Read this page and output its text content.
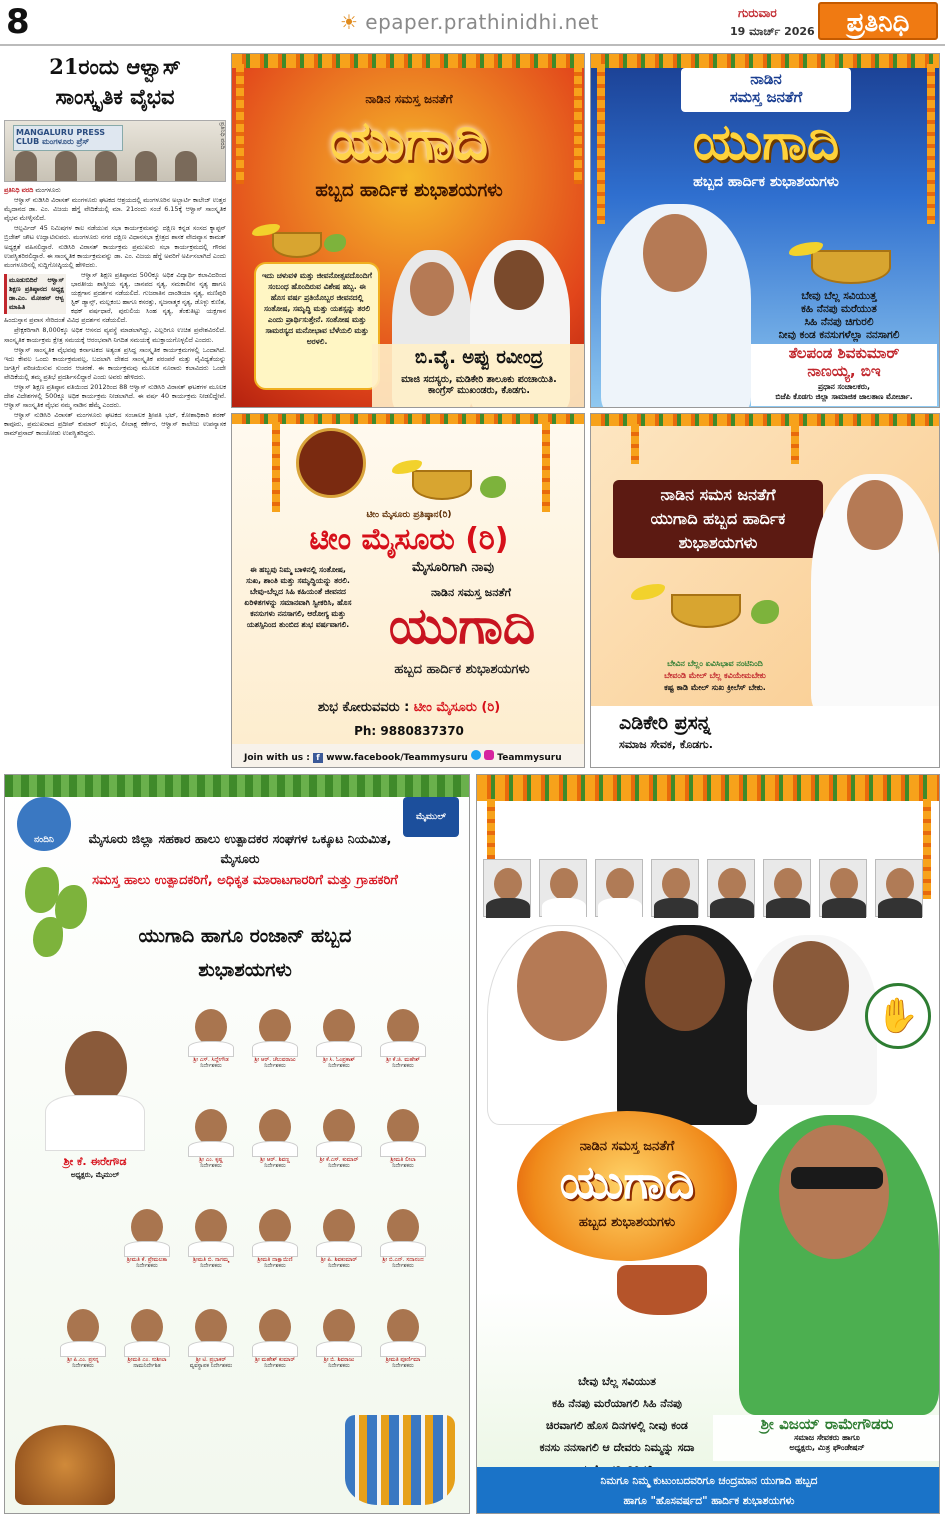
8	☀ epaper.prathinidhi.net	ಗುರುವಾರ
19 ಮಾರ್ಚ್ 2026	ಪ್ರತಿನಿಧಿ
21ರಂದು ಆಳ್ವಾಸ್
ಸಾಂಸ್ಕೃತಿಕ ವೈಭವ
MANGALURU PRESS CLUB ಮಂಗಳೂರು ಪ್ರೆಸ್	ಪ್ರತಿನಿಧಿ ವರದಿ

ಪ್ರತಿನಿಧಿ ವರದಿ ಮಂಗಳೂರು

ಆಳ್ವಾಸ್ ನುಡಿಸಿರಿ ವಿರಾಸತ್ ಮಂಗಳೂರು ಘಟಕದ ಆಶ್ರಯದಲ್ಲಿ ಮಂಗಳೂರಿನ ಅಲ್ಬಾರ್ಟಿ ಕಾಲೇಜ್ ಉತ್ತರ ಮೈದಾನದ ಡಾ. ಎಂ. ವಿಜಯ ಹೆಗ್ಡೆ ವೇದಿಕೆಯಲ್ಲಿ ಮಾ. 21ರಂದು ಸಂಜೆ 6.15ಕ್ಕೆ ಆಳ್ವಾಸ್ ಸಾಂಸ್ಕೃತಿಕ ವೈಭವ ಮೇಳೈಸಲಿದೆ.

ಆಲ್ಪರ್ವಿದ್ 45 ನಿಮಿಷಗಳ ಕಾಲ ನಡೆಯುವ ಸಭಾ ಕಾರ್ಯಕ್ರಮವನ್ನು ದಕ್ಷಿಣ ಕನ್ನಡ ಸಂಸದ ಕ್ಯಾಪ್ಟನ್ ಬ್ರಿಜೇಶ್ ಚೌಟ ಉದ್ಘಾಟಿಸುವರು. ಮಂಗಳೂರು ನಗರ ದಕ್ಷಿಣ ವಿಧಾನಸಭಾ ಕ್ಷೇತ್ರದ ಶಾಸಕ ವೇದವ್ಯಾಸ ಕಾಮತ್ ಅಧ್ಯಕ್ಷತೆ ವಹಿಸಲಿದ್ದಾರೆ. ನುಡಿಸಿರಿ ವಿರಾಸತ್ ಕಾರ್ಯಕ್ರಮ ಪ್ರಮುಖರು ಸಭಾ ಕಾರ್ಯಕ್ರಮದಲ್ಲಿ ಗೌರವ ಉಪಸ್ಥಿತರಿರಲಿದ್ದಾರೆ. ಈ ಸಾಂಸ್ಕೃತಿಕ ಕಾರ್ಯಕ್ರಮವನ್ನು ಡಾ. ಎಂ. ವಿಜಯ ಹೆಗ್ಡೆ ಅವರಿಗೆ ಅರ್ಪಿಸಲಾಗಿದೆ ಎಂದು ಮಂಗಳೂರಿನಲ್ಲಿ ಸುದ್ದಿಗೋಷ್ಠಿಯಲ್ಲಿ ಹೇಳಿದರು.

ಮೂಡುಬಿದಿರೆ ಆಳ್ವಾಸ್ ಶಿಕ್ಷಣ ಪ್ರತಿಷ್ಠಾನದ ಅಧ್ಯಕ್ಷ ಡಾ.ಎಂ. ಮೋಹನ್ ಆಳ್ವ ಮಾಹಿತಿ

ಆಳ್ವಾಸ್ ಶಿಕ್ಷಣ ಪ್ರತಿಷ್ಠಾನದ 500ಕ್ಕೂ ಅಧಿಕ ವಿದ್ಯಾರ್ಥಿ ಕಲಾವಿದರಿಂದ ಭಾರತೀಯ ಶಾಸ್ತ್ರೀಯ ನೃತ್ಯ, ಜಾನಪದ ನೃತ್ಯ, ಸಮಕಾಲೀನ ನೃತ್ಯ ಹಾಗೂ ಯಕ್ಷಗಾನ ಪ್ರದರ್ಶನ ನಡೆಯಲಿದೆ. ಗುಜರಾತಿನ ದಾಂಡಿಯಾ ನೃತ್ಯ, ಮಣಿಪುರಿ ಸ್ಟಿಕ್ ಡ್ಯಾನ್ಸ್, ಮಲ್ಲಕಂಬ ಹಾಗೂ ಕಸರತ್ತು, ಸೃಜನಾತ್ಮಕ ನೃತ್ಯ, ಡೊಳ್ಳು ಕುಣಿತ, ಕಥಕ್ ವರ್ಷಧಾರೆ, ಪುರುಲಿಯ ಸಿಂಹ ನೃತ್ಯ, ತೆಂಕುತಿಟ್ಟು ಯಕ್ಷಗಾನ ಹಿಂದುಸ್ತಾನ ಪ್ರವಾಸ ಸೇರಿದಂತೆ ವಿವಿಧ ಪ್ರದರ್ಶನ ನಡೆಯಲಿದೆ.

ಪ್ರೇಕ್ಷಕರಿಗಾಗಿ 8,000ಕ್ಕೂ ಅಧಿಕ ಆಸನದ ವ್ಯವಸ್ಥೆ ಮಾಡಲಾಗಿದ್ದು, ಎಲ್ಲರಿಗೂ ಉಚಿತ ಪ್ರವೇಶವಿರಲಿದೆ. ಸಾಂಸ್ಕೃತಿಕ ಕಾರ್ಯಕ್ರಮ ಕ್ಷೇತ್ರ ಸಮಯಕ್ಕೆ ಆರಂಭವಾಗಿ ನಿಗದಿತ ಸಮಯಕ್ಕೆ ಮುಕ್ತಾಯಗೊಳ್ಳಲಿದೆ ಎಂದರು.

ಆಳ್ವಾಸ್ ಸಾಂಸ್ಕೃತಿಕ ವೈಭವವು ಕರ್ನಾಟಕದ ಅತ್ಯಂತ ಪ್ರಸಿದ್ಧ ಸಾಂಸ್ಕೃತಿಕ ಕಾರ್ಯಕ್ರಮಗಳಲ್ಲಿ ಒಂದಾಗಿದೆ. ಇದು ಕೇವಲ ಒಂದು ಕಾರ್ಯಕ್ರಮವಲ್ಲ, ಬದಲಾಗಿ ದೇಶದ ಸಾಂಸ್ಕೃತಿಕ ಪರಂಪರೆ ಮತ್ತು ವೈವಿಧ್ಯತೆಯನ್ನು ಜಗತ್ತಿಗೆ ಪರಿಚಯಿಸುವ ಸುಂದರ ಆಚರಣೆ. ಈ ಕಾರ್ಯಕ್ರಮವು ಮೂಲಕ ನೂರಾರು ಕಲಾವಿದರು ಒಂದೇ ವೇದಿಕೆಯಲ್ಲಿ ತಮ್ಮ ಪ್ರತಿಭೆ ಪ್ರದರ್ಶಿಸಲಿದ್ದಾರೆ ಎಂದು ಅವರು ಹೇಳಿದರು.

ಆಳ್ವಾಸ್ ಶಿಕ್ಷಣ ಪ್ರತಿಷ್ಠಾನ ವತಿಯಿಂದ 2012ರಿಂದ 88 ಆಳ್ವಾಸ್ ನುಡಿಸಿರಿ ವಿರಾಸತ್ ಘಟಕಗಳ ಮೂಲಕ ದೇಶ ವಿದೇಶಗಳಲ್ಲಿ 500ಕ್ಕೂ ಅಧಿಕ ಕಾರ್ಯಕ್ರಮ ನೀಡಲಾಗಿದೆ. ಈ ವರ್ಷ 40 ಕಾರ್ಯಕ್ರಮ ನೀಡಲಿದ್ದೇವೆ. ಆಳ್ವಾಸ್ ಸಾಂಸ್ಕೃತಿಕ ವೈಭವ ನಮ್ಮ ನಾಡಿನ ಹೆಮ್ಮೆ ಎಂದರು.

ಆಳ್ವಾಸ್ ನುಡಿಸಿರಿ ವಿರಾಸತ್ ಮಂಗಳೂರು ಘಟಕದ ಸಂಚಾಲಕ ಶ್ರೀಪತಿ ಭಟ್, ಕೋಶಾಧಿಕಾರಿ ಶರಣ್ ಕಾವೂರು, ಪ್ರಮುಖರಾದ ಪ್ರದೀಪ್ ಕುಮಾರ್ ಕಲ್ಕೂರ, ಲೀಲಾಕ್ಷ ಕರ್ಕೇರ, ಆಳ್ವಾಸ್ ಕಾಲೇಜು ಉಪನ್ಯಾಸಕ ರಾಮ್‌ಪ್ರಸಾದ್ ಕಾಂಚೋಡು ಉಪಸ್ಥಿತರಿದ್ದರು.

ನಾಡಿನ ಸಮಸ್ತ ಜನತೆಗೆ
ಯುಗಾದಿ
ಹಬ್ಬದ ಹಾರ್ದಿಕ ಶುಭಾಶಯಗಳು
ಇದು ಚಳುವಳಿ ಮತ್ತು ಜೀವನೋತ್ಸವದೊಂದಿಗೆ ಸಂಬಂಧ ಹೊಂದಿರುವ ವಿಶೇಷ ಹಬ್ಬ. ಈ ಹೊಸ ವರ್ಷ ಪ್ರತಿಯೊಬ್ಬರ ಜೀವನದಲ್ಲಿ ಸಂತೋಷ, ಸಮೃದ್ಧಿ ಮತ್ತು ಯಶಸ್ಸನ್ನು ತರಲಿ ಎಂದು ಪ್ರಾರ್ಥಿಸುತ್ತೇನೆ. ಸಂತೋಷ ಮತ್ತು ಸಾಮರಸ್ಯದ ಮನೋಭಾವ ಬೆಳೆಯಲಿ ಮತ್ತು ಅರಳಲಿ.
ಬಿ.ವೈ. ಅಪ್ಪು ರವೀಂದ್ರ
ಮಾಜಿ ಸದಸ್ಯರು, ಮಡಿಕೇರಿ ತಾಲೂಕು ಪಂಚಾಯಿತಿ.
ಕಾಂಗ್ರೆಸ್ ಮುಖಂಡರು, ಕೊಡಗು.
ನಾಡಿನ
ಸಮಸ್ತ ಜನತೆಗೆ
ಯುಗಾದಿ
ಹಬ್ಬದ ಹಾರ್ದಿಕ ಶುಭಾಶಯಗಳು
ಬೇವು ಬೆಲ್ಲ ಸವಿಯುತ್ತ
ಕಹಿ ನೆನಪು ಮರೆಯುತ
ಸಿಹಿ ನೆನಪು ಚಿಗುರಲಿ
ನೀವು ಕಂಡ ಕನಸುಗಳೆಲ್ಲಾ ನನಸಾಗಲಿ
ತೆಲಪಂಡ ಶಿವಕುಮಾರ್
ನಾಣಯ್ಯ, ಬಿಇ
ಪ್ರಧಾನ ಸಂಚಾಲಕರು,
ಬಿಜೆಪಿ ಕೊಡಗು ಜಿಲ್ಲಾ ಸಾಮಾಜಿಕ ಜಾಲತಾಣ ಮೋರ್ಚಾ.
ಟೀಂ ಮೈಸೂರು ಪ್ರತಿಷ್ಠಾನ(ರಿ)
ಟೀಂ ಮೈಸೂರು (ರಿ)
ಮೈಸೂರಿಗಾಗಿ ನಾವು
ಈ ಹಬ್ಬವು ನಿಮ್ಮ ಬಾಳಿನಲ್ಲಿ ಸಂತೋಷ, ಸುಖ, ಶಾಂತಿ ಮತ್ತು ಸಮೃದ್ಧಿಯನ್ನು ತರಲಿ. ಬೇವು-ಬೆಲ್ಲದ ಸಿಹಿ ಕಹಿಯಂತೆ ಜೀವನದ ಏರಿಳಿತಗಳನ್ನು ಸಮಾನವಾಗಿ ಸ್ವೀಕರಿಸಿ, ಹೊಸ ಕನಸುಗಳು ನನಸಾಗಲಿ, ಆರೋಗ್ಯ ಮತ್ತು ಯಶಸ್ಸಿನಿಂದ ತುಂಬಿದ ಶುಭ ವರ್ಷವಾಗಲಿ.
ನಾಡಿನ ಸಮಸ್ತ ಜನತೆಗೆ
ಯುಗಾದಿ
ಹಬ್ಬದ ಹಾರ್ದಿಕ ಶುಭಾಶಯಗಳು
ಶುಭ ಕೋರುವವರು : ಟೀಂ ಮೈಸೂರು (ರಿ)
Ph: 9880837370
Join with us : f www.facebook/Teammysuru	Teammysuru
ನಾಡಿನ ಸಮಸ ಜನತೆಗೆ
ಯುಗಾದಿ ಹಬ್ಬದ ಹಾರ್ದಿಕ
ಶುಭಾಶಯಗಳು
ಬೇವಿನ ಬೆಲ್ಲಂ ಏವಿಸಿಭಾವ ನಂಟಿನಿಂದಿ
ಬೇವಂಡಿ ಮೇಲ್ ಬೆಲ್ಲ ಕವಿಯೇಮಬೇಕು
ಕಷ್ಟ ಕಾಡಿ ಮೇಲ್ ಸುಖ ಕ್ರೀಲೆಸ್ ಬೇಕು.
ಎಡಿಕೇರಿ ಪ್ರಸನ್ನ
ಸಮಾಜ ಸೇವಕ, ಕೊಡಗು.
ನಂದಿನಿ
ಮೈಮುಲ್
ಮೈಸೂರು ಜಿಲ್ಲಾ ಸಹಕಾರ ಹಾಲು ಉತ್ಪಾದಕರ ಸಂಘಗಳ ಒಕ್ಕೂಟ ನಿಯಮಿತ,
ಮೈಸೂರು
ಸಮಸ್ತ ಹಾಲು ಉತ್ಪಾದಕರಿಗೆ, ಅಧಿಕೃತ ಮಾರಾಟಗಾರರಿಗೆ ಮತ್ತು ಗ್ರಾಹಕರಿಗೆ
ಯುಗಾದಿ ಹಾಗೂ ರಂಜಾನ್ ಹಬ್ಬದ
ಶುಭಾಶಯಗಳು
ಶ್ರೀ ಕೆ. ಈರೇಗೌಡ
ಅಧ್ಯಕ್ಷರು, ಮೈಮುಲ್
ಶ್ರೀ ಎಸ್. ಸಿದ್ದೇಗೌಡ
ನಿರ್ದೇಶಕರು
ಶ್ರೀ ಆರ್. ಚೆಲುವರಾಜು
ನಿರ್ದೇಶಕರು
ಶ್ರೀ ಸಿ. ಓಂಪ್ರಕಾಶ್
ನಿರ್ದೇಶಕರು
ಶ್ರೀ ಕೆ.ಜಿ. ಮಹೇಶ್
ನಿರ್ದೇಶಕರು
ಶ್ರೀ ಎಂ. ಕೃಷ್ಣ
ನಿರ್ದೇಶಕರು
ಶ್ರೀ ಆರ್. ಶಿವಣ್ಣ
ನಿರ್ದೇಶಕರು
ಶ್ರೀ ಕೆ.ಎಸ್. ಕುಮಾರ್
ನಿರ್ದೇಶಕರು
ಶ್ರೀಮತಿ ಲೀಲಾ
ನಿರ್ದೇಶಕರು
ಶ್ರೀಮತಿ ಕೆ. ಪ್ರೇಮಲತಾ
ನಿರ್ದೇಶಕರು
ಶ್ರೀಮತಿ ಬಿ. ನಾಗಮ್ಮ
ನಿರ್ದೇಶಕರು
ಶ್ರೀಮತಿ ದಾಕ್ಷಾಯಿಣಿ
ನಿರ್ದೇಶಕರು
ಶ್ರೀ ಪಿ. ಶಿವಕುಮಾರ್
ನಿರ್ದೇಶಕರು
ಶ್ರೀ ಬಿ.ಎನ್. ಸದಾನಂದ
ನಿರ್ದೇಶಕರು
ಶ್ರೀ ಪಿ.ಎಂ. ಪ್ರಸನ್ನ
ನಿರ್ದೇಶಕರು
ಶ್ರೀಮತಿ ಎಂ. ಸುಶೀಲಾ
ನಾಮನಿರ್ದೇಶಿತ
ಶ್ರೀ ಟಿ. ಪ್ರಭಾಕರ್
ವ್ಯವಸ್ಥಾಪಕ ನಿರ್ದೇಶಕರು
ಶ್ರೀ ಮಹೇಶ್ ಕುಮಾರ್
ನಿರ್ದೇಶಕರು
ಶ್ರೀ ಬಿ. ಶಿವರಾಜು
ನಿರ್ದೇಶಕರು
ಶ್ರೀಮತಿ ಪೂರ್ಣಿಮಾ
ನಿರ್ದೇಶಕರು
✋
ನಾಡಿನ ಸಮಸ್ತ ಜನತೆಗೆ
ಯುಗಾದಿ
ಹಬ್ಬದ ಶುಭಾಶಯಗಳು
ಬೇವು ಬೆಲ್ಲ ಸವಿಯುತ
ಕಹಿ ನೆನಪು ಮರೆಯಾಗಲಿ ಸಿಹಿ ನೆನಪು
ಚಿರವಾಗಲಿ ಹೊಸ ದಿನಗಳಲ್ಲಿ ನೀವು ಕಂಡ
ಕನಸು ನನಸಾಗಲಿ ಆ ದೇವರು ನಿಮ್ಮನ್ನು ಸದಾ
ಶ್ರೀ ವಿಜಯ್ ರಾಮೇಗೌಡರು
ಸಮಾಜ ಸೇವಕರು ಹಾಗೂ
ಅಧ್ಯಕ್ಷರು, ಮಿತ್ರ ಫೌಂಡೇಷನ್
ನಿಮಗೂ ನಿಮ್ಮ ಕುಟುಂಬದವರಿಗೂ ಚಂದ್ರಮಾನ ಯುಗಾದಿ ಹಬ್ಬದ
ಹಾಗೂ "ಹೊಸವರ್ಷದ" ಹಾರ್ದಿಕ ಶುಭಾಶಯಗಳು
